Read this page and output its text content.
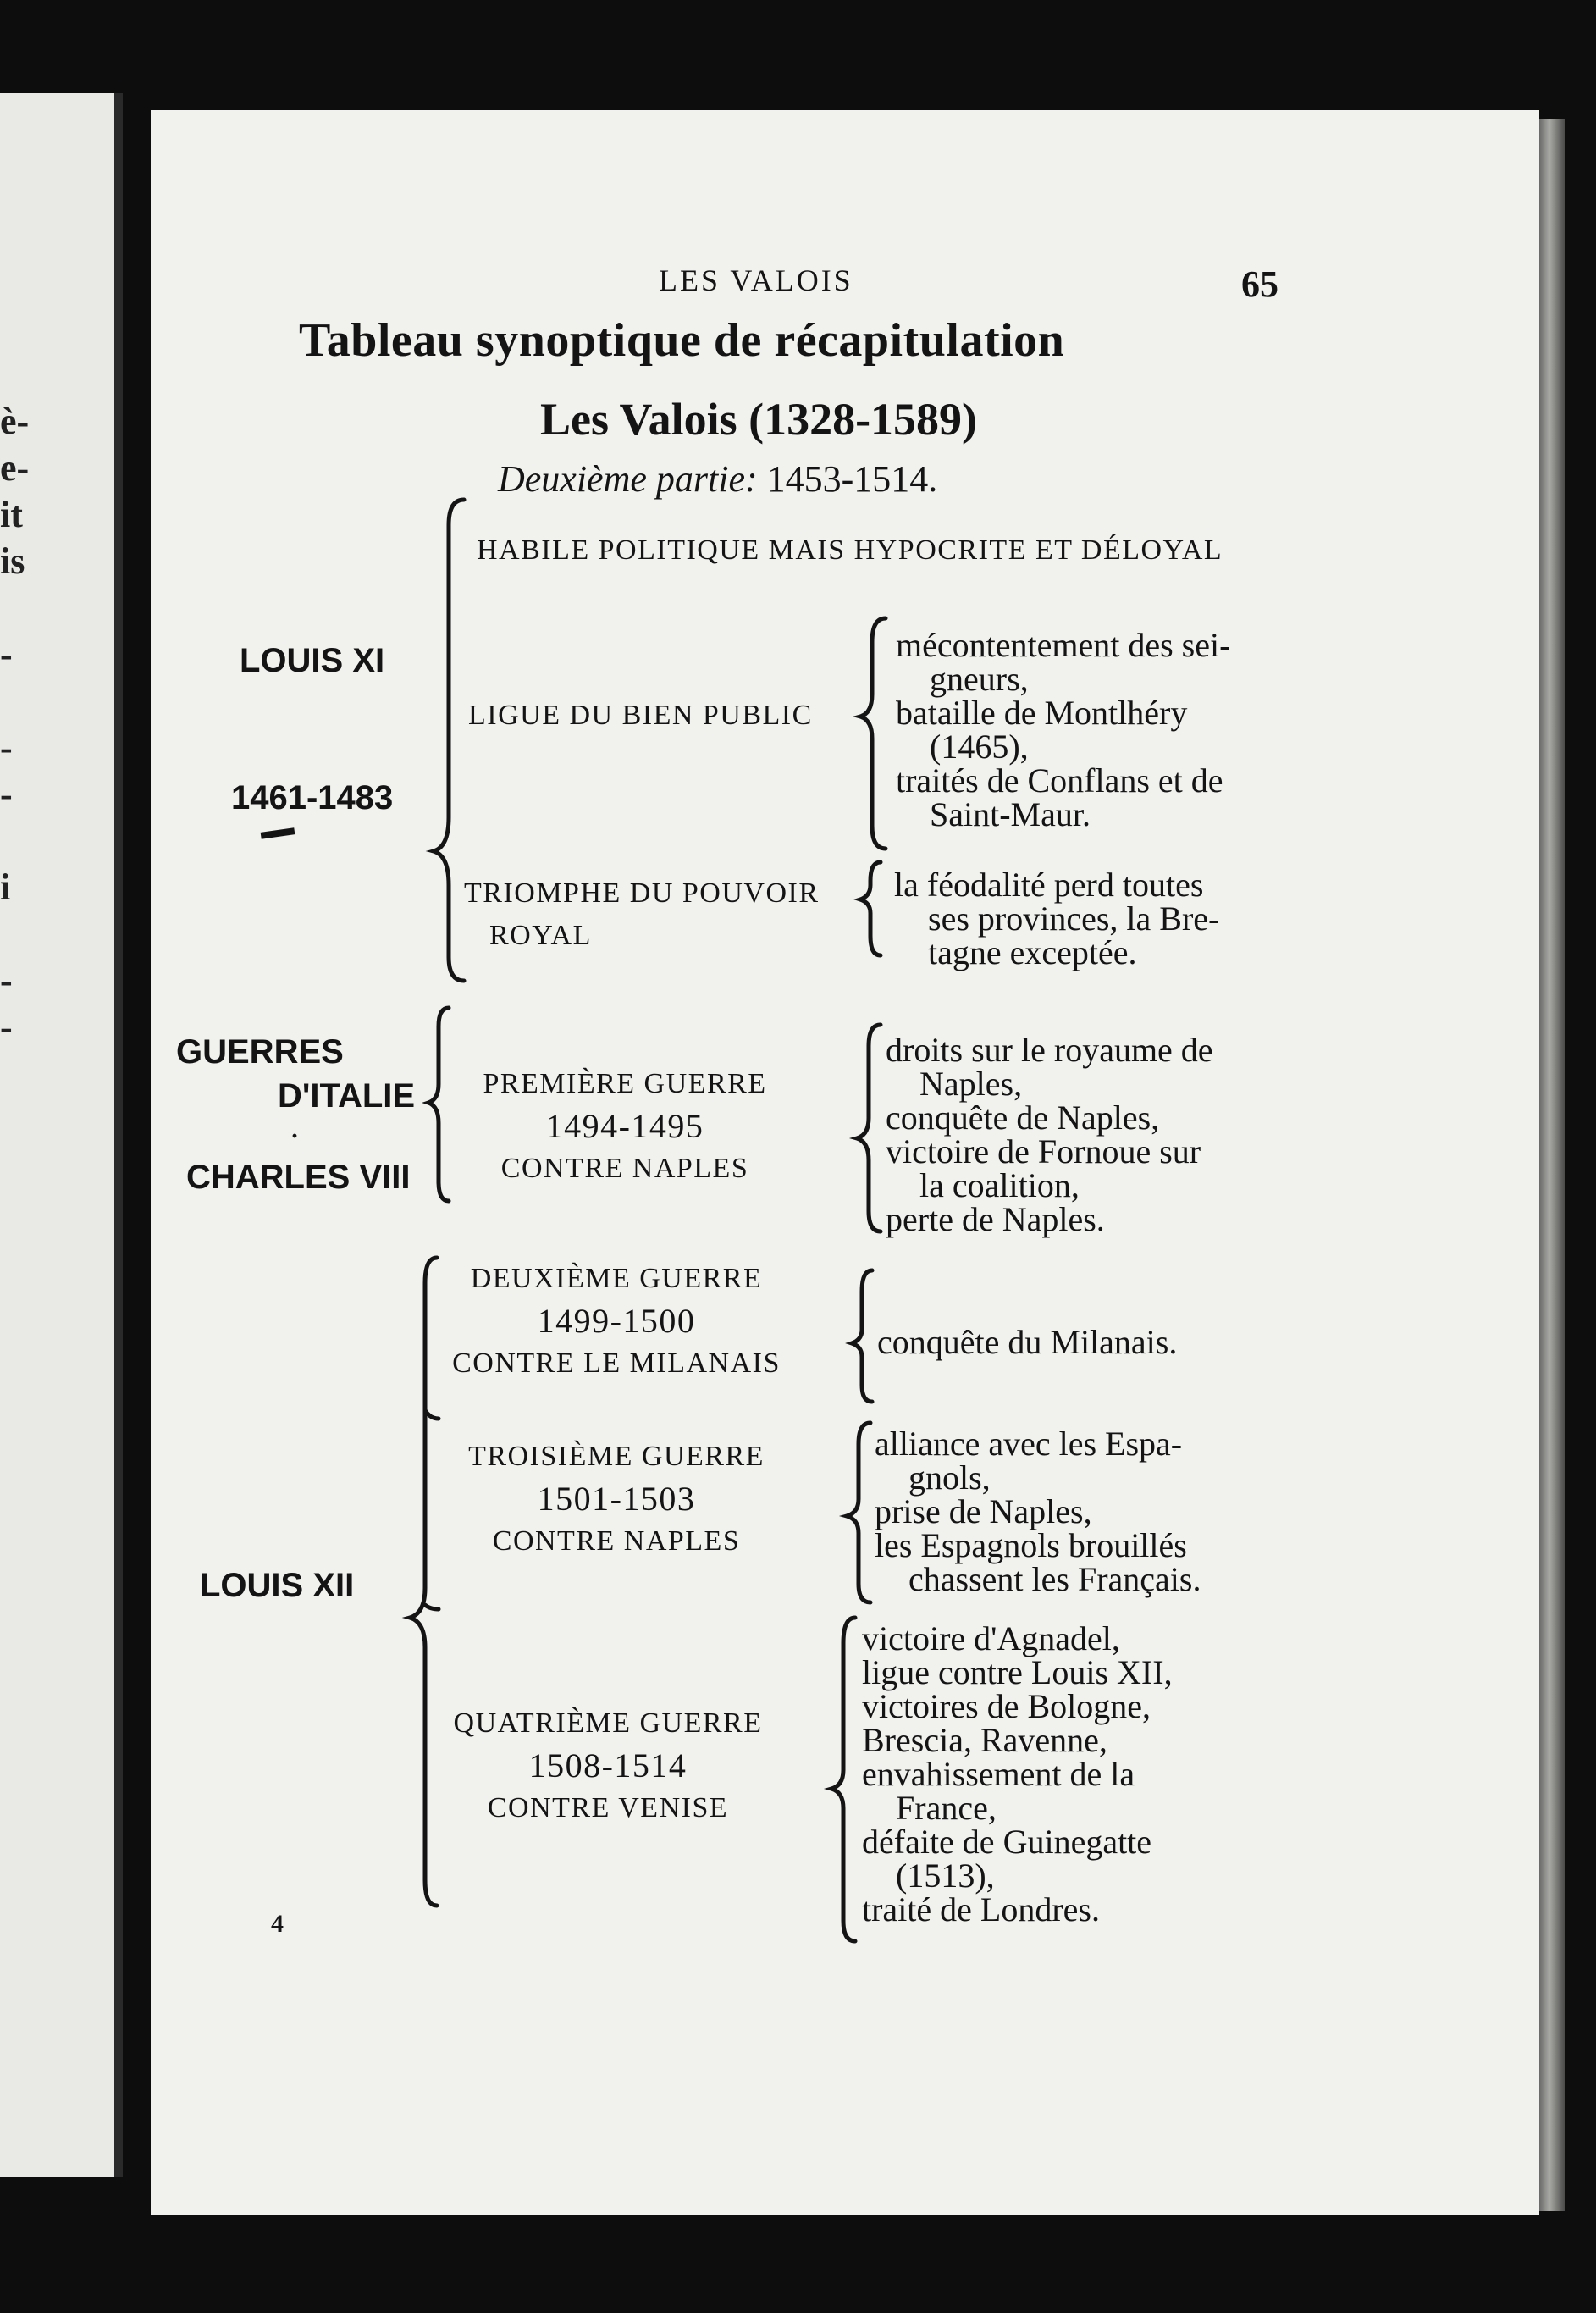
è-
e-
it
is

-

-
-

i

-
-
LES VALOIS	65
Tableau synoptique de récapitulation
Les Valois (1328-1589)
Deuxième partie: 1453-1514.
LOUIS XI
1461-1483
HABILE POLITIQUE MAIS HYPOCRITE ET DÉLOYAL
LIGUE DU BIEN PUBLIC
mécontentement des sei-
gneurs,
bataille de Montlhéry
(1465),
traités de Conflans et de
Saint-Maur.
TRIOMPHE DU POUVOIR
ROYAL
la féodalité perd toutes
ses provinces, la Bre-
tagne exceptée.
GUERRES
D'ITALIE
·
CHARLES VIII
PREMIÈRE GUERRE
1494-1495
CONTRE NAPLES
droits sur le royaume de
Naples,
conquête de Naples,
victoire de Fornoue sur
la coalition,
perte de Naples.
LOUIS XII
DEUXIÈME GUERRE
1499-1500
CONTRE LE MILANAIS
conquête du Milanais.
TROISIÈME GUERRE
1501-1503
CONTRE NAPLES
alliance avec les Espa-
gnols,
prise de Naples,
les Espagnols brouillés
chassent les Français.
QUATRIÈME GUERRE
1508-1514
CONTRE VENISE
victoire d'Agnadel,
ligue contre Louis XII,
victoires de Bologne,
Brescia, Ravenne,
envahissement de la
France,
défaite de Guinegatte
(1513),
traité de Londres.
4
